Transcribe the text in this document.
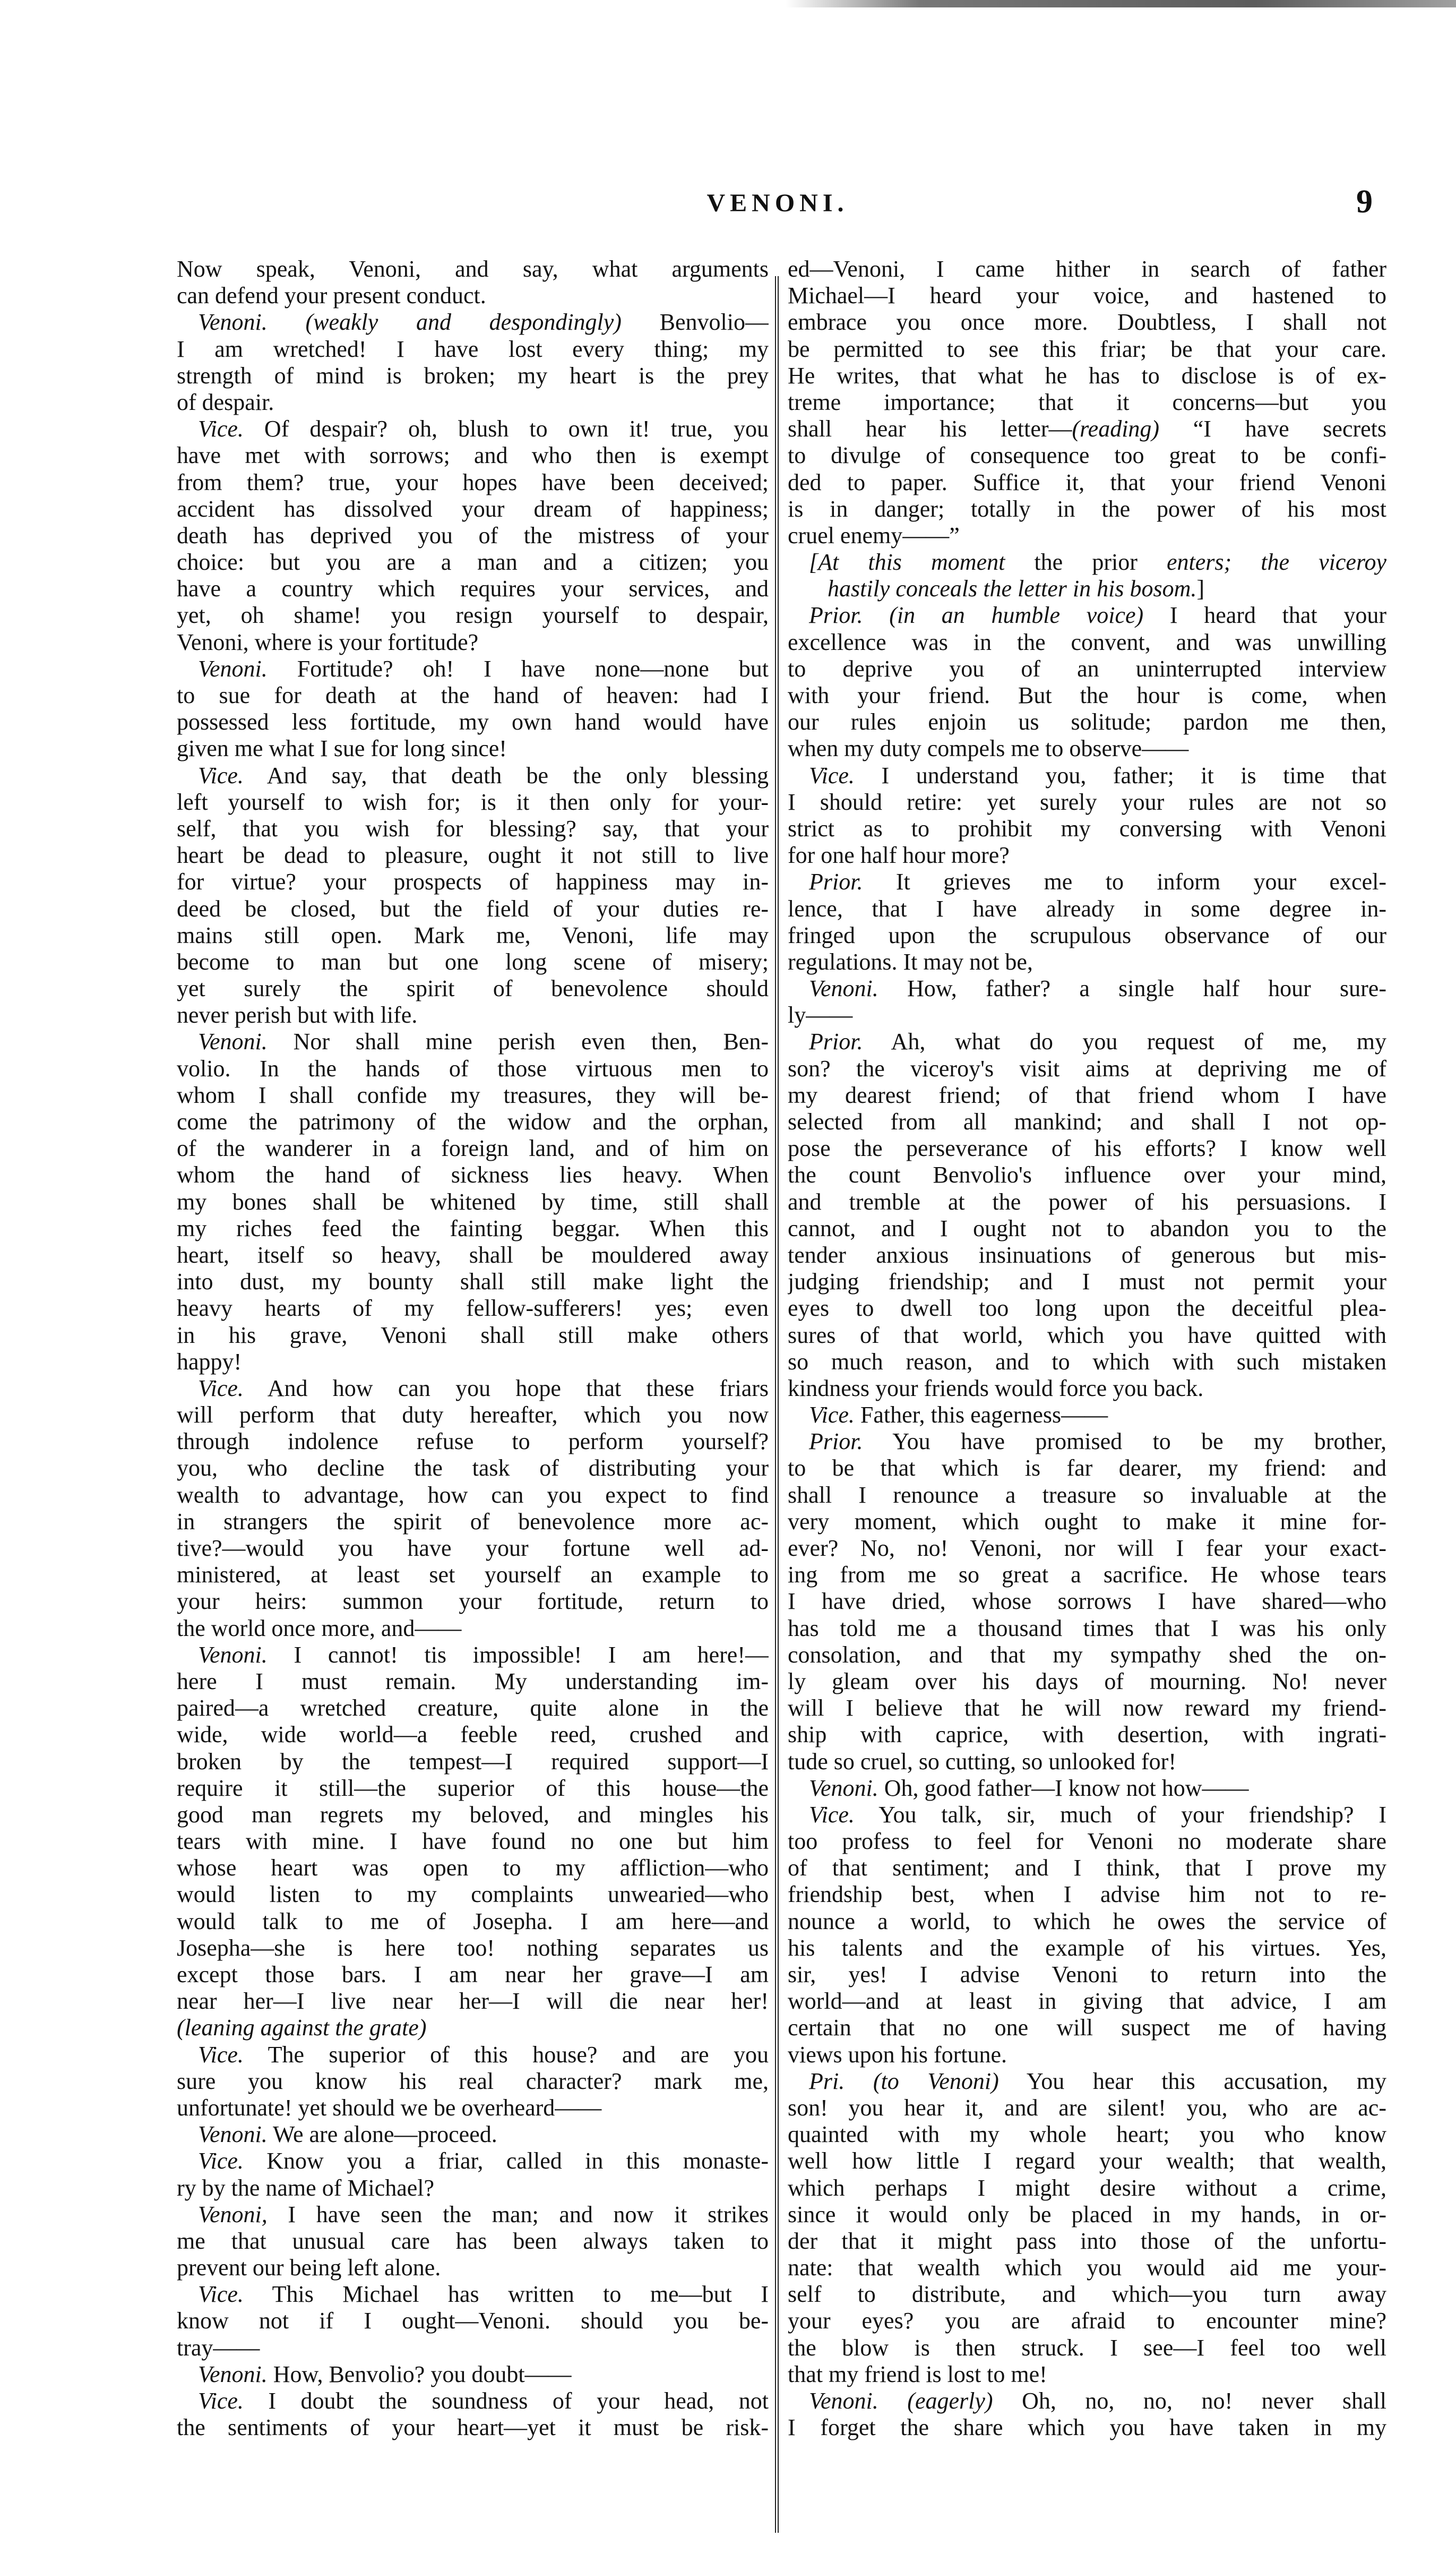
VENONI.	9
Now speak, Venoni, and say, what arguments
can defend your present conduct.
Venoni. (weakly and despondingly) Benvolio—
I am wretched! I have lost every thing; my
strength of mind is broken; my heart is the prey
of despair.
Vice. Of despair? oh, blush to own it! true, you
have met with sorrows; and who then is exempt
from them? true, your hopes have been deceived;
accident has dissolved your dream of happiness;
death has deprived you of the mistress of your
choice: but you are a man and a citizen; you
have a country which requires your services, and
yet, oh shame! you resign yourself to despair,
Venoni, where is your fortitude?
Venoni. Fortitude? oh! I have none—none but
to sue for death at the hand of heaven: had I
possessed less fortitude, my own hand would have
given me what I sue for long since!
Vice. And say, that death be the only blessing
left yourself to wish for; is it then only for your-
self, that you wish for blessing? say, that your
heart be dead to pleasure, ought it not still to live
for virtue? your prospects of happiness may in-
deed be closed, but the field of your duties re-
mains still open. Mark me, Venoni, life may
become to man but one long scene of misery;
yet surely the spirit of benevolence should
never perish but with life.
Venoni. Nor shall mine perish even then, Ben-
volio. In the hands of those virtuous men to
whom I shall confide my treasures, they will be-
come the patrimony of the widow and the orphan,
of the wanderer in a foreign land, and of him on
whom the hand of sickness lies heavy. When
my bones shall be whitened by time, still shall
my riches feed the fainting beggar. When this
heart, itself so heavy, shall be mouldered away
into dust, my bounty shall still make light the
heavy hearts of my fellow-sufferers! yes; even
in his grave, Venoni shall still make others
happy!
Vice. And how can you hope that these friars
will perform that duty hereafter, which you now
through indolence refuse to perform yourself?
you, who decline the task of distributing your
wealth to advantage, how can you expect to find
in strangers the spirit of benevolence more ac-
tive?—would you have your fortune well ad-
ministered, at least set yourself an example to
your heirs: summon your fortitude, return to
the world once more, and——
Venoni. I cannot! tis impossible! I am here!—
here I must remain. My understanding im-
paired—a wretched creature, quite alone in the
wide, wide world—a feeble reed, crushed and
broken by the tempest—I required support—I
require it still—the superior of this house—the
good man regrets my beloved, and mingles his
tears with mine. I have found no one but him
whose heart was open to my affliction—who
would listen to my complaints unwearied—who
would talk to me of Josepha. I am here—and
Josepha—she is here too! nothing separates us
except those bars. I am near her grave—I am
near her—I live near her—I will die near her!
(leaning against the grate)
Vice. The superior of this house? and are you
sure you know his real character? mark me,
unfortunate! yet should we be overheard——
Venoni. We are alone—proceed.
Vice. Know you a friar, called in this monaste-
ry by the name of Michael?
Venoni, I have seen the man; and now it strikes
me that unusual care has been always taken to
prevent our being left alone.
Vice. This Michael has written to me—but I
know not if I ought—Venoni. should you be-
tray——
Venoni. How, Benvolio? you doubt——
Vice. I doubt the soundness of your head, not
the sentiments of your heart—yet it must be risk-
ed—Venoni, I came hither in search of father
Michael—I heard your voice, and hastened to
embrace you once more. Doubtless, I shall not
be permitted to see this friar; be that your care.
He writes, that what he has to disclose is of ex-
treme importance; that it concerns—but you
shall hear his letter—(reading) “I have secrets
to divulge of consequence too great to be confi-
ded to paper. Suffice it, that your friend Venoni
is in danger; totally in the power of his most
cruel enemy——”
[At this moment the prior enters; the viceroy
hastily conceals the letter in his bosom.]
Prior. (in an humble voice) I heard that your
excellence was in the convent, and was unwilling
to deprive you of an uninterrupted interview
with your friend. But the hour is come, when
our rules enjoin us solitude; pardon me then,
when my duty compels me to observe——
Vice. I understand you, father; it is time that
I should retire: yet surely your rules are not so
strict as to prohibit my conversing with Venoni
for one half hour more?
Prior. It grieves me to inform your excel-
lence, that I have already in some degree in-
fringed upon the scrupulous observance of our
regulations. It may not be,
Venoni. How, father? a single half hour sure-
ly——
Prior. Ah, what do you request of me, my
son? the viceroy's visit aims at depriving me of
my dearest friend; of that friend whom I have
selected from all mankind; and shall I not op-
pose the perseverance of his efforts? I know well
the count Benvolio's influence over your mind,
and tremble at the power of his persuasions. I
cannot, and I ought not to abandon you to the
tender anxious insinuations of generous but mis-
judging friendship; and I must not permit your
eyes to dwell too long upon the deceitful plea-
sures of that world, which you have quitted with
so much reason, and to which with such mistaken
kindness your friends would force you back.
Vice. Father, this eagerness——
Prior. You have promised to be my brother,
to be that which is far dearer, my friend: and
shall I renounce a treasure so invaluable at the
very moment, which ought to make it mine for-
ever? No, no! Venoni, nor will I fear your exact-
ing from me so great a sacrifice. He whose tears
I have dried, whose sorrows I have shared—who
has told me a thousand times that I was his only
consolation, and that my sympathy shed the on-
ly gleam over his days of mourning. No! never
will I believe that he will now reward my friend-
ship with caprice, with desertion, with ingrati-
tude so cruel, so cutting, so unlooked for!
Venoni. Oh, good father—I know not how——
Vice. You talk, sir, much of your friendship? I
too profess to feel for Venoni no moderate share
of that sentiment; and I think, that I prove my
friendship best, when I advise him not to re-
nounce a world, to which he owes the service of
his talents and the example of his virtues. Yes,
sir, yes! I advise Venoni to return into the
world—and at least in giving that advice, I am
certain that no one will suspect me of having
views upon his fortune.
Pri. (to Venoni) You hear this accusation, my
son! you hear it, and are silent! you, who are ac-
quainted with my whole heart; you who know
well how little I regard your wealth; that wealth,
which perhaps I might desire without a crime,
since it would only be placed in my hands, in or-
der that it might pass into those of the unfortu-
nate: that wealth which you would aid me your-
self to distribute, and which—you turn away
your eyes? you are afraid to encounter mine?
the blow is then struck. I see—I feel too well
that my friend is lost to me!
Venoni. (eagerly) Oh, no, no, no! never shall
I forget the share which you have taken in my
